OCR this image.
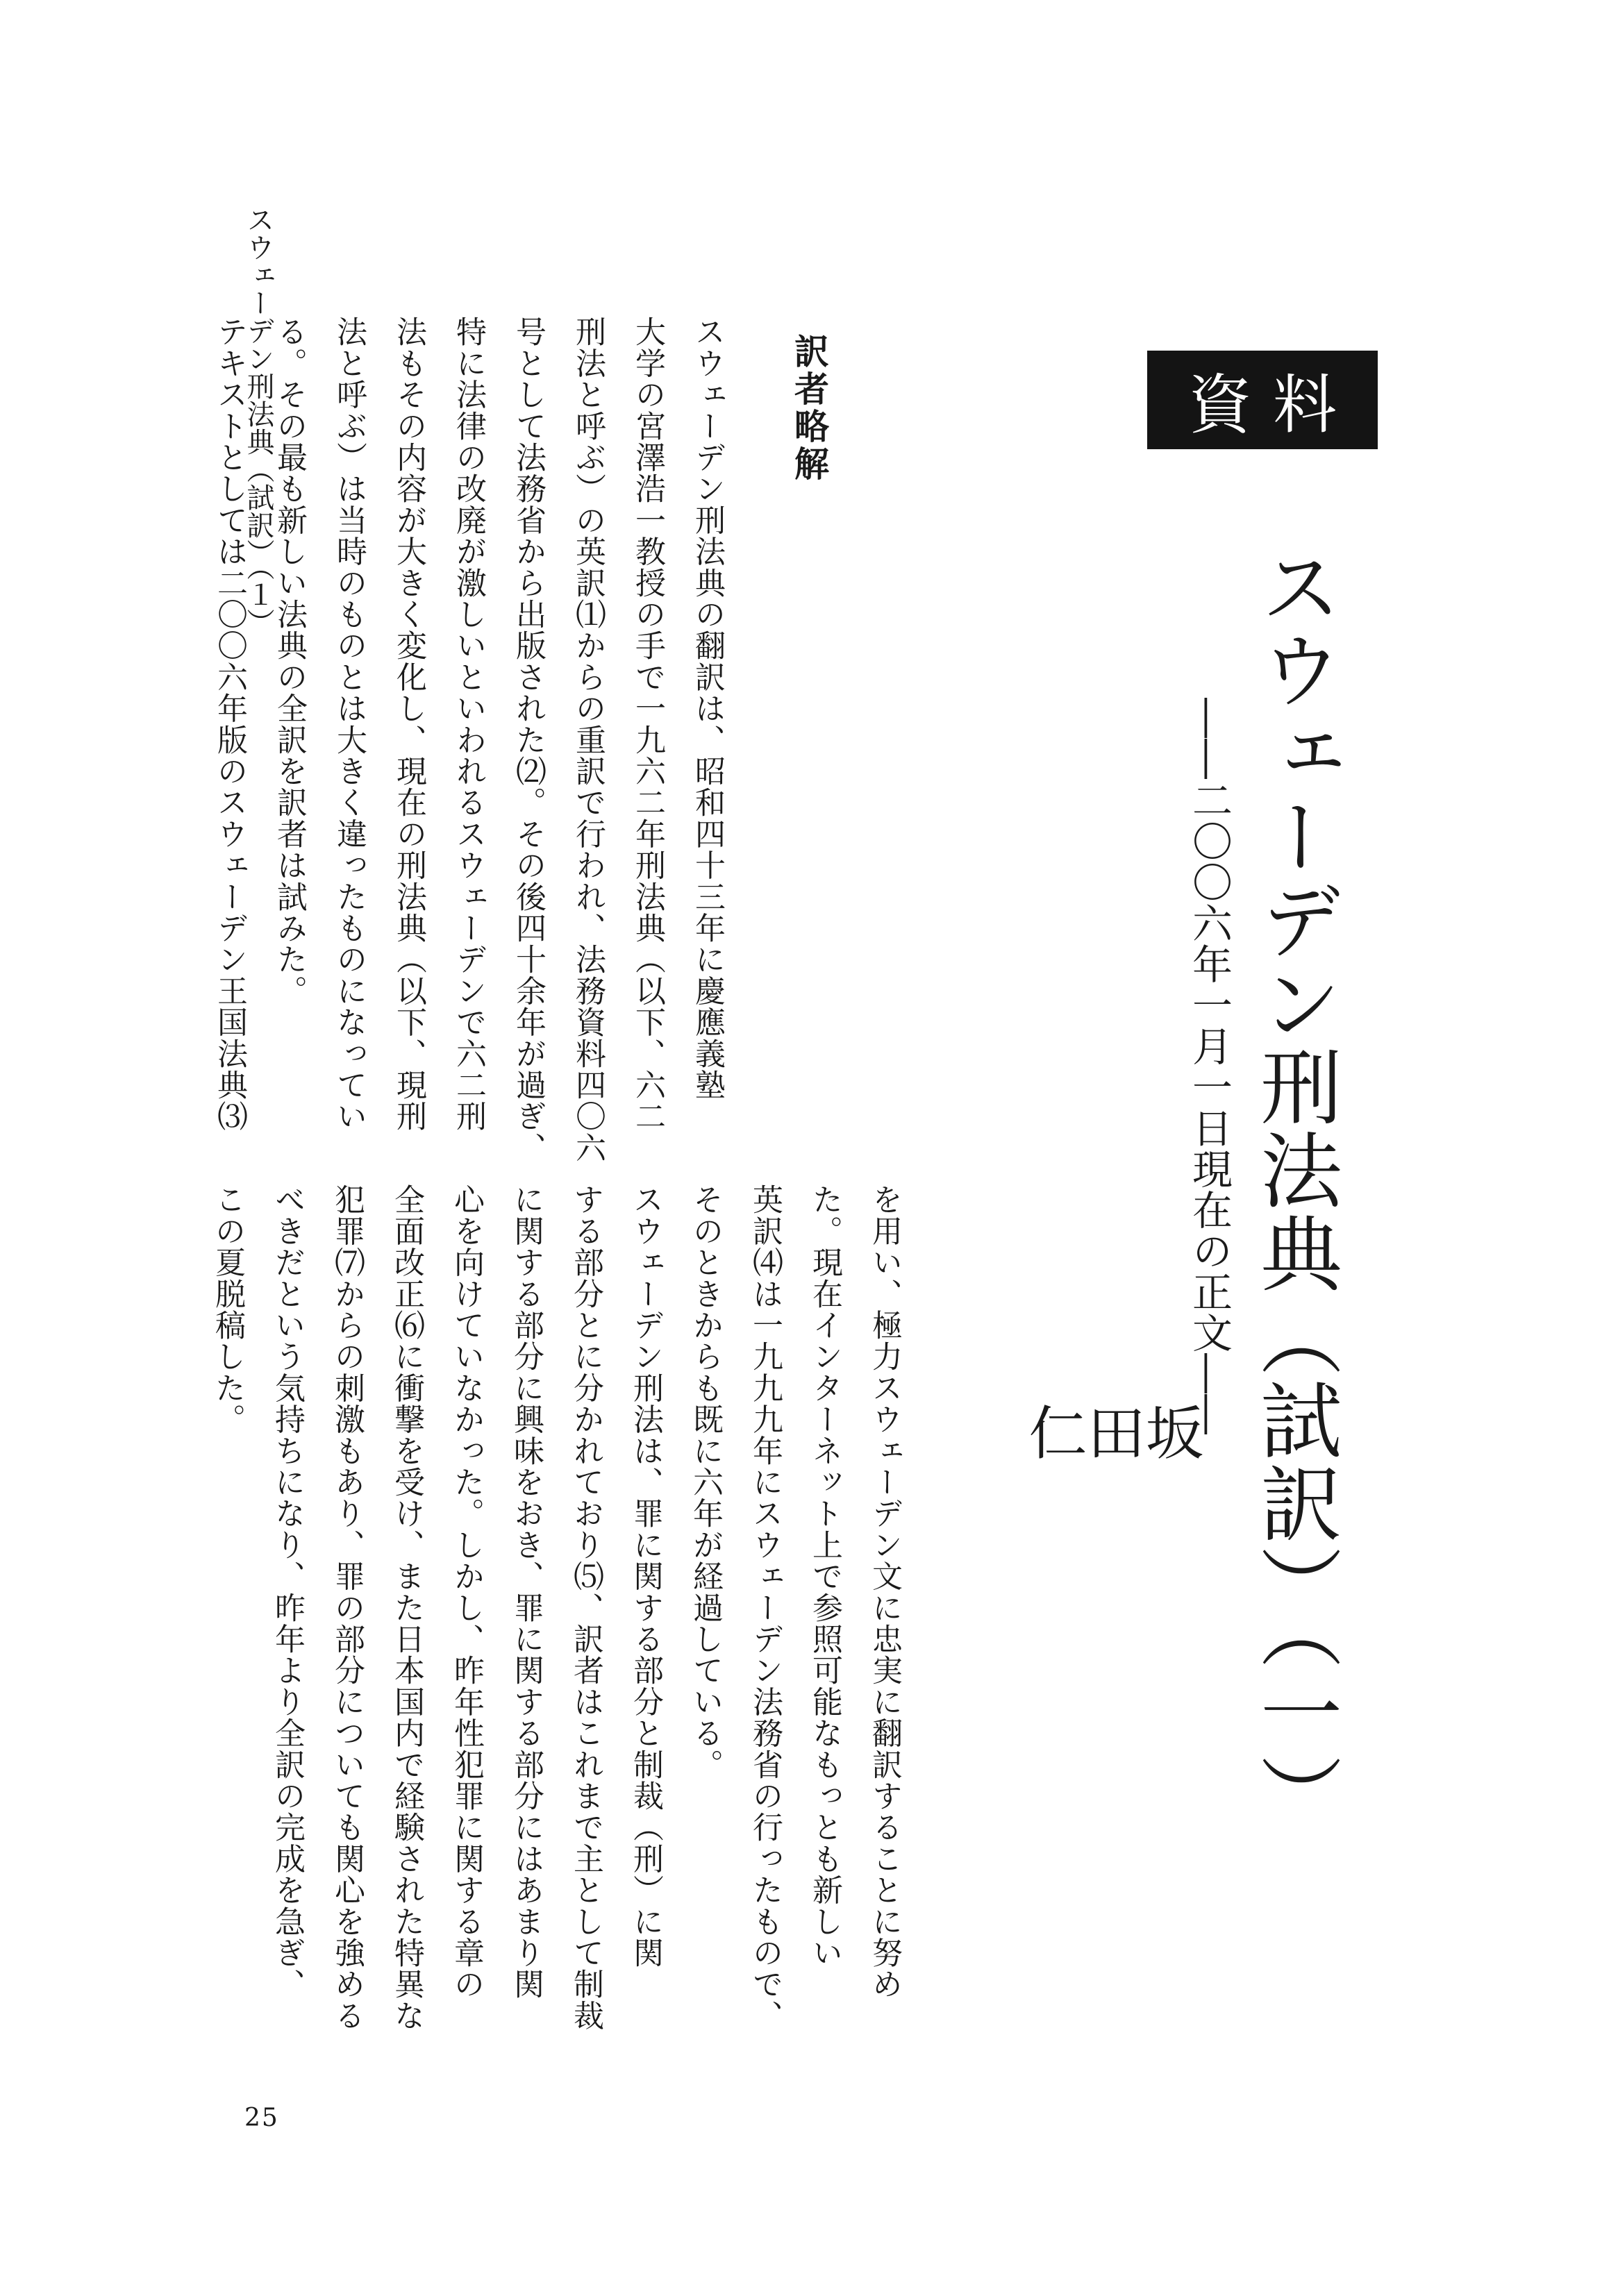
スウェーデン刑法典（試訳）（１）	資料
スウェーデン刑法典（試訳）（一）
――二〇〇六年一月一日現在の正文――
坂
田
仁
訳者略解
スウェーデン刑法典の翻訳は、昭和四十三年に慶應義塾
大学の宮澤浩一教授の手で一九六二年刑法典（以下、六二
刑法と呼ぶ）の英訳⑴からの重訳で行われ、法務資料四〇六
号として法務省から出版された⑵。その後四十余年が過ぎ、
特に法律の改廃が激しいといわれるスウェーデンで六二刑
法もその内容が大きく変化し、現在の刑法典（以下、現刑
法と呼ぶ）は当時のものとは大きく違ったものになってい
る。その最も新しい法典の全訳を訳者は試みた。
テキストとしては二〇〇六年版のスウェーデン王国法典⑶
を用い、極力スウェーデン文に忠実に翻訳することに努め
た。現在インターネット上で参照可能なもっとも新しい
英訳⑷は一九九九年にスウェーデン法務省の行ったもので、
そのときからも既に六年が経過している。
スウェーデン刑法は、罪に関する部分と制裁（刑）に関
する部分とに分かれており⑸、訳者はこれまで主として制裁
に関する部分に興味をおき、罪に関する部分にはあまり関
心を向けていなかった。しかし、昨年性犯罪に関する章の
全面改正⑹に衝撃を受け、また日本国内で経験された特異な
犯罪⑺からの刺激もあり、罪の部分についても関心を強める
べきだという気持ちになり、昨年より全訳の完成を急ぎ、
この夏脱稿した。
25
